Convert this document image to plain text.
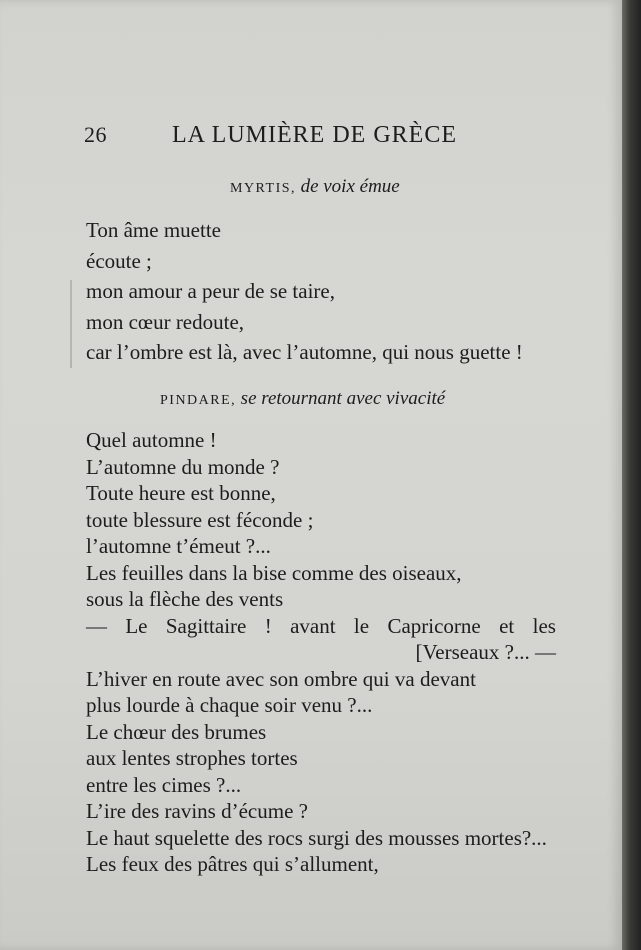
26	LA LUMIÈRE DE GRÈCE
MYRTIS, de voix émue
Ton âme muette
écoute ;
mon amour a peur de se taire,
mon cœur redoute,
car l’ombre est là, avec l’automne, qui nous guette !
PINDARE, se retournant avec vivacité
Quel automne !
L’automne du monde ?
Toute heure est bonne,
toute blessure est féconde ;
l’automne t’émeut ?...
Les feuilles dans la bise comme des oiseaux,
sous la flèche des vents
— Le Sagittaire ! avant le Capricorne et les
[Verseaux ?... —
L’hiver en route avec son ombre qui va devant
plus lourde à chaque soir venu ?...
Le chœur des brumes
aux lentes strophes tortes
entre les cimes ?...
L’ire des ravins d’écume ?
Le haut squelette des rocs surgi des mousses mortes?...
Les feux des pâtres qui s’allument,
